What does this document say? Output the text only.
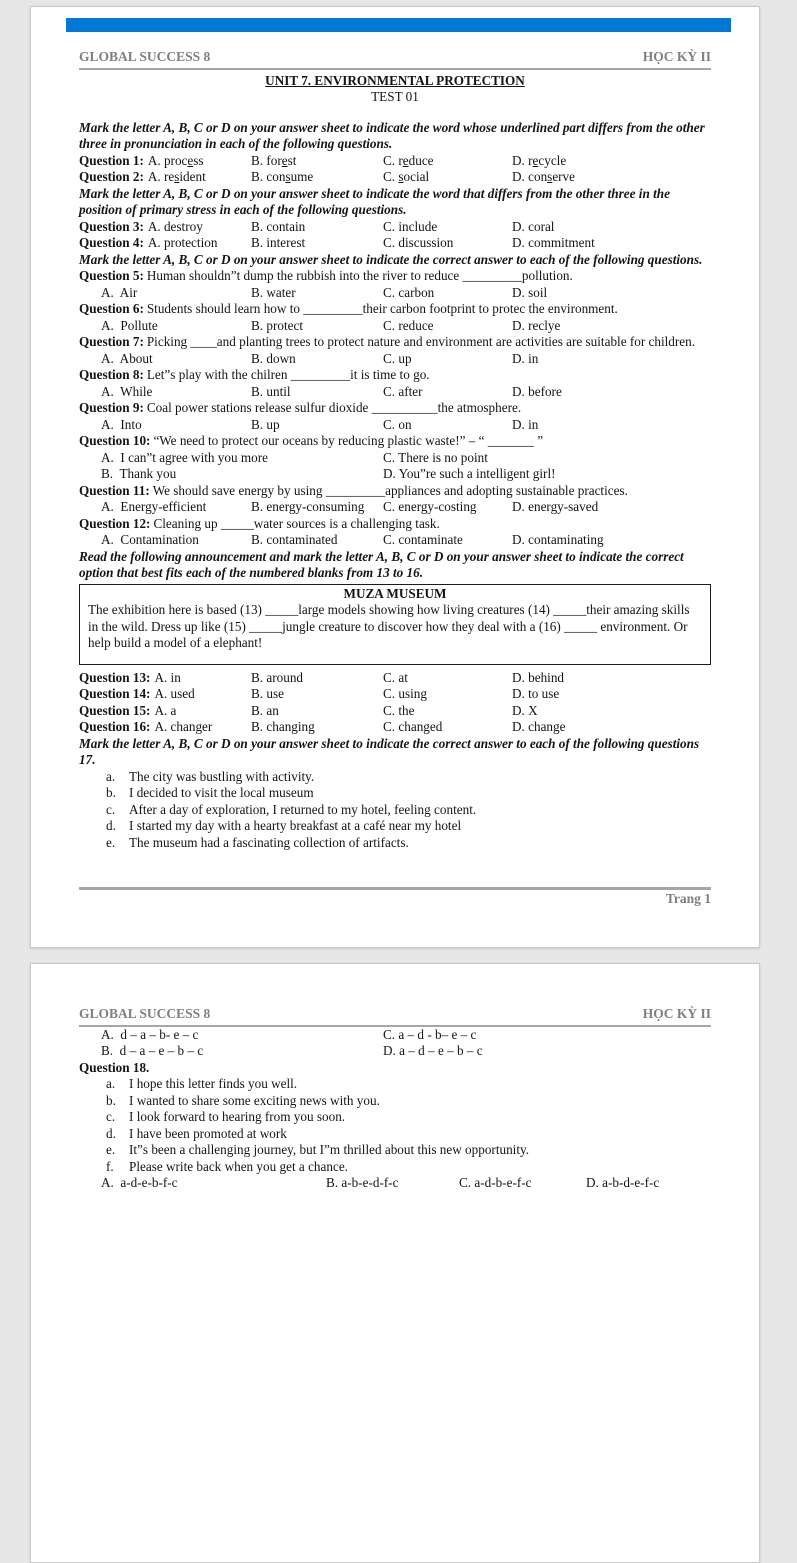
GLOBAL SUCCESS 8	HỌC KỲ II
UNIT 7. ENVIRONMENTAL PROTECTION
TEST 01
Mark the letter A, B, C or D on your answer sheet to indicate the word whose underlined part differs from the other three in pronunciation in each of the following questions.
Question 1: A. process	B. forest	C. reduce	D. recycle
Question 2: A. resident	B. consume	C. social	D. conserve
Mark the letter A, B, C or D on your answer sheet to indicate the word that differs from the other three in the position of primary stress in each of the following questions.
Question 3: A. destroy	B. contain	C. include	D. coral
Question 4: A. protection	B. interest	C. discussion	D. commitment
Mark the letter A, B, C or D on your answer sheet to indicate the correct answer to each of the following questions.
Question 5: Human shouldn”t dump the rubbish into the river to reduce _________pollution.
A.  Air	B. water	C. carbon	D. soil
Question 6: Students should learn how to _________their carbon footprint to protec the environment.
A.  Pollute	B. protect	C. reduce	D. reclye
Question 7: Picking ____and planting trees to protect nature and environment are activities are suitable for children.
A.  About	B. down	C. up	D. in
Question 8: Let”s play with the chilren _________it is time to go.
A.  While	B. until	C. after	D. before
Question 9: Coal power stations release sulfur dioxide __________the atmosphere.
A.  Into	B. up	C. on	D. in
Question 10: “We need to protect our oceans by reducing plastic waste!” – “ _______ ”
A.  I can”t agree with you more	C. There is no point
B.  Thank you	D. You”re such a intelligent girl!
Question 11: We should save energy by using _________appliances and adopting sustainable practices.
A.  Energy-efficient	B. energy-consuming	C. energy-costing	D. energy-saved
Question 12: Cleaning up _____water sources is a challenging task.
A.  Contamination	B. contaminated	C. contaminate	D. contaminating
Read the following announcement and mark the letter A, B, C or D on your answer sheet to indicate the correct option that best fits each of the numbered blanks from 13 to 16.
MUZA MUSEUM
The exhibition here is based (13) _____large models showing how living creatures (14) _____their amazing skills in the wild. Dress up like (15) _____jungle creature to discover how they deal with a (16) _____ environment. Or help build a model of a elephant!
Question 13: A. in	B. around	C. at	D. behind
Question 14: A. used	B. use	C. using	D. to use
Question 15: A. a	B. an	C. the	D. X
Question 16: A. changer	B. changing	C. changed	D. change
Mark the letter A, B, C or D on your answer sheet to indicate the correct answer to each of the following questions 17.
a.	The city was bustling with activity.
b. I decided to visit the local museum
c.	After a day of exploration, I returned to my hotel, feeling content.
d. I started my day with a hearty breakfast at a café near my hotel
e.	The museum had a fascinating collection of artifacts.
Trang 1
GLOBAL SUCCESS 8	HỌC KỲ II
A.  d – a – b- e – c	C. a – d - b– e – c
B.  d – a – e – b – c	D. a – d – e – b – c
Question 18.
a.	I hope this letter finds you well.
b. I wanted to share some exciting news with you.
c.	I look forward to hearing from you soon.
d. I have been promoted at work
e.	It”s been a challenging journey, but I”m thrilled about this new opportunity.
f.	Please write back when you get a chance.
A.  a-d-e-b-f-c	B. a-b-e-d-f-c	C. a-d-b-e-f-c	D. a-b-d-e-f-c
